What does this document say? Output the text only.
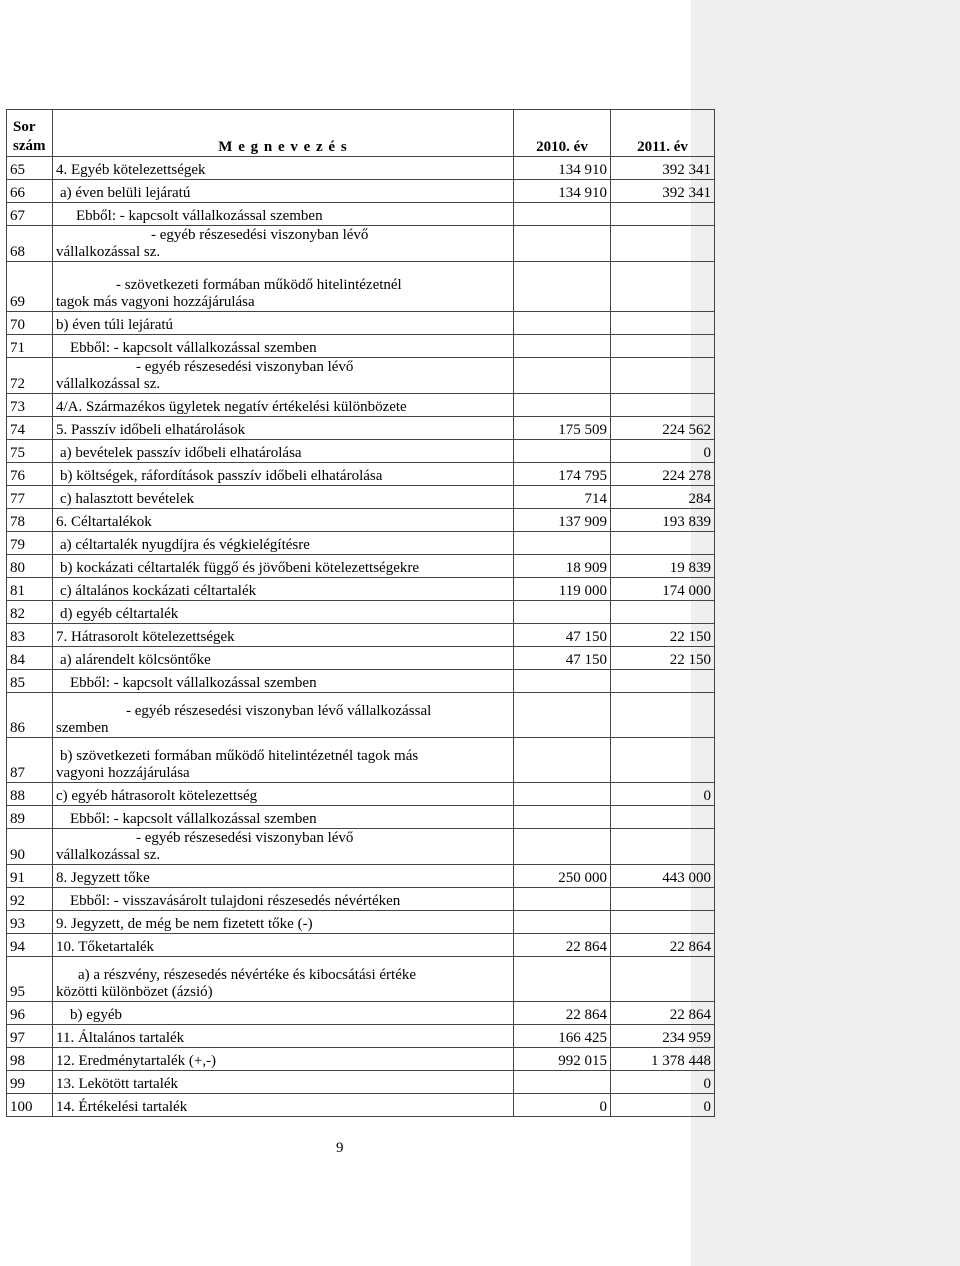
Sor szám	M e g n e v e z é s	2010. év	2011. év
65	4. Egyéb kötelezettségek	134 910	392 341
66	a) éven belüli lejáratú	134 910	392 341
67	Ebből: - kapcsolt vállalkozással szemben		

68	- egyéb részesedési viszonyban lévő
vállalkozással sz.		

69	- szövetkezeti formában működő hitelintézetnél
tagok más vagyoni hozzájárulása		

70	b) éven túli lejáratú		

71	Ebből: - kapcsolt vállalkozással szemben		

72	- egyéb részesedési viszonyban lévő
vállalkozással sz.		

73	4/A. Származékos ügyletek negatív értékelési különbözete		

74	5. Passzív időbeli elhatárolások	175 509	224 562
75	a) bevételek passzív időbeli elhatárolása		0
76	b) költségek, ráfordítások passzív időbeli elhatárolása	174 795	224 278
77	c) halasztott bevételek	714	284
78	6. Céltartalékok	137 909	193 839
79	a) céltartalék nyugdíjra és végkielégítésre		

80	b) kockázati céltartalék függő és jövőbeni kötelezettségekre	18 909	19 839
81	c) általános kockázati céltartalék	119 000	174 000
82	d) egyéb céltartalék		

83	7. Hátrasorolt kötelezettségek	47 150	22 150
84	a) alárendelt kölcsöntőke	47 150	22 150
85	Ebből: - kapcsolt vállalkozással szemben		

86	- egyéb részesedési viszonyban lévő vállalkozással
szemben		

87	b) szövetkezeti formában működő hitelintézetnél tagok más
vagyoni hozzájárulása		

88	c) egyéb hátrasorolt kötelezettség		0
89	Ebből: - kapcsolt vállalkozással szemben		

90	- egyéb részesedési viszonyban lévő
vállalkozással sz.		

91	8. Jegyzett tőke	250 000	443 000
92	Ebből: - visszavásárolt tulajdoni részesedés névértéken		

93	9. Jegyzett, de még be nem fizetett tőke (-)		

94	10. Tőketartalék	22 864	22 864
95	a) a részvény, részesedés névértéke és kibocsátási értéke
közötti különbözet (ázsió)		

96	b) egyéb	22 864	22 864
97	11. Általános tartalék	166 425	234 959
98	12. Eredménytartalék (+,-)	992 015	1 378 448
99	13. Lekötött tartalék		0
100	14. Értékelési tartalék	0	0
9
